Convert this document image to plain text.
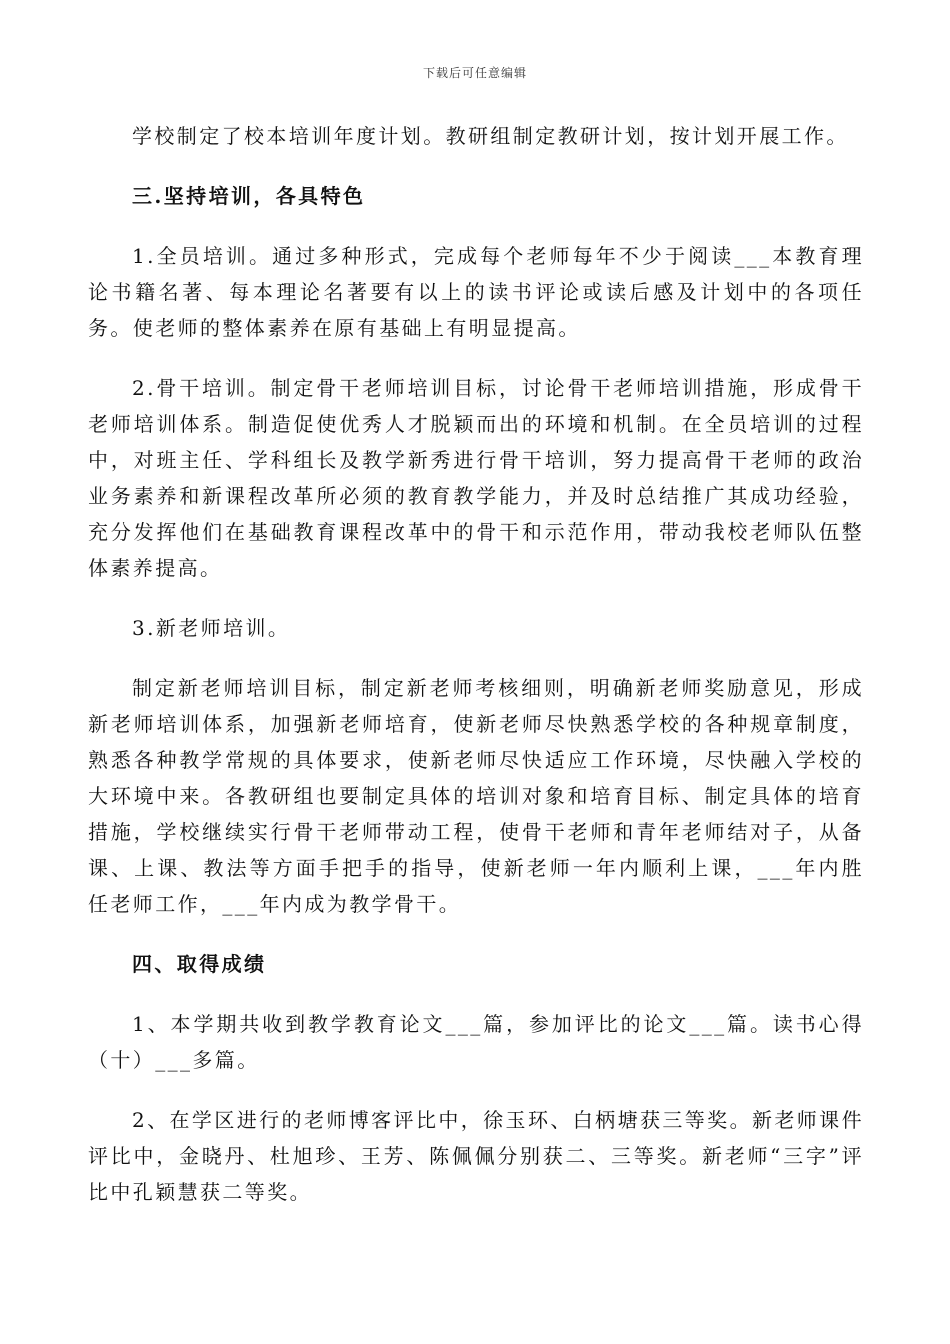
下载后可任意编辑

学校制定了校本培训年度计划。教研组制定教研计划，按计划开展工作。

三.坚持培训，各具特色

1.全员培训。通过多种形式，完成每个老师每年不少于阅读___本教育理论书籍名著、每本理论名著要有以上的读书评论或读后感及计划中的各项任务。使老师的整体素养在原有基础上有明显提高。

2.骨干培训。制定骨干老师培训目标，讨论骨干老师培训措施，形成骨干老师培训体系。制造促使优秀人才脱颖而出的环境和机制。在全员培训的过程中，对班主任、学科组长及教学新秀进行骨干培训，努力提高骨干老师的政治业务素养和新课程改革所必须的教育教学能力，并及时总结推广其成功经验，充分发挥他们在基础教育课程改革中的骨干和示范作用，带动我校老师队伍整体素养提高。

3.新老师培训。

制定新老师培训目标，制定新老师考核细则，明确新老师奖励意见，形成新老师培训体系，加强新老师培育，使新老师尽快熟悉学校的各种规章制度，熟悉各种教学常规的具体要求，使新老师尽快适应工作环境，尽快融入学校的大环境中来。各教研组也要制定具体的培训对象和培育目标、制定具体的培育措施，学校继续实行骨干老师带动工程，使骨干老师和青年老师结对子，从备课、上课、教法等方面手把手的指导，使新老师一年内顺利上课，___年内胜任老师工作，___年内成为教学骨干。

四、取得成绩

1、本学期共收到教学教育论文___篇，参加评比的论文___篇。读书心得（十）___多篇。

2、在学区进行的老师博客评比中，徐玉环、白柄塘获三等奖。新老师课件评比中，金晓丹、杜旭珍、王芳、陈佩佩分别获二、三等奖。新老师“三字”评比中孔颖慧获二等奖。
